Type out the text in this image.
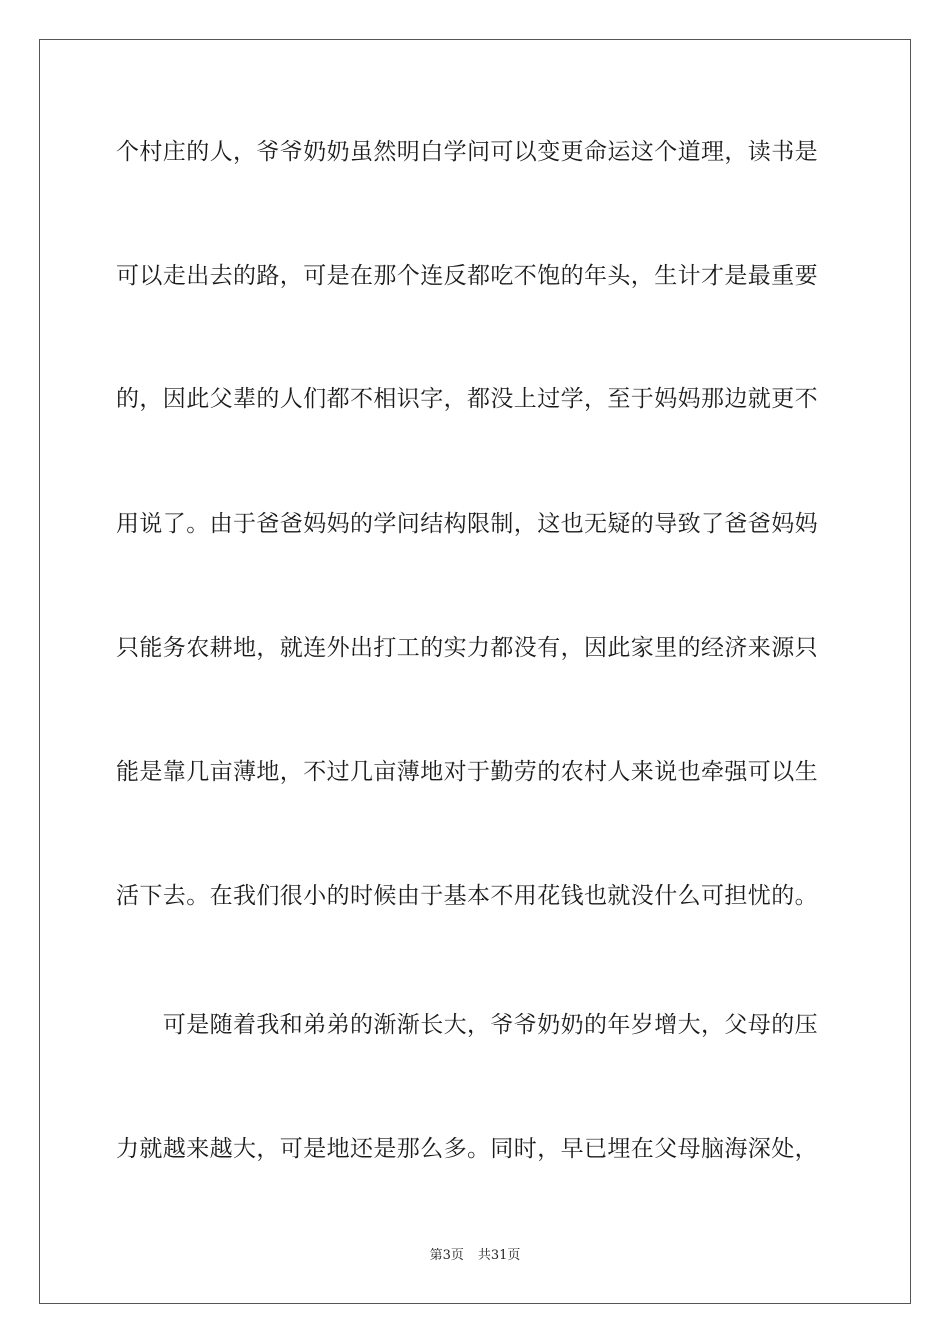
个村庄的人，爷爷奶奶虽然明白学问可以变更命运这个道理，读书是
可以走出去的路，可是在那个连反都吃不饱的年头，生计才是最重要
的，因此父辈的人们都不相识字，都没上过学，至于妈妈那边就更不
用说了。由于爸爸妈妈的学问结构限制，这也无疑的导致了爸爸妈妈
只能务农耕地，就连外出打工的实力都没有，因此家里的经济来源只
能是靠几亩薄地，不过几亩薄地对于勤劳的农村人来说也牵强可以生
活下去。在我们很小的时候由于基本不用花钱也就没什么可担忧的。
　　可是随着我和弟弟的渐渐长大，爷爷奶奶的年岁增大，父母的压
力就越来越大，可是地还是那么多。同时，早已埋在父母脑海深处，
第3页 共31页
